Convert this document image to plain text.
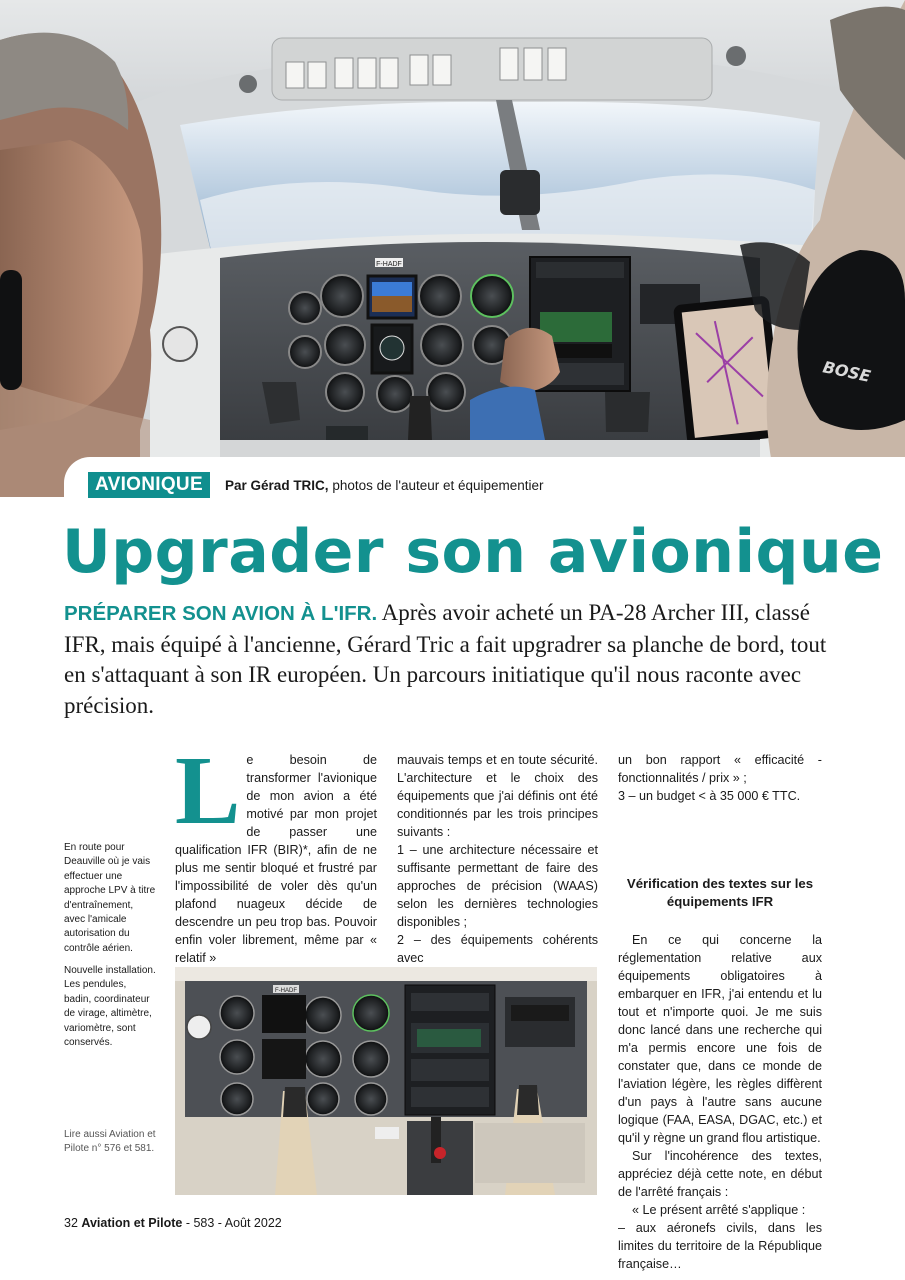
F-HADF
BOSE
AVIONIQUE	Par Gérad TRIC, photos de l'auteur et équipementier
Upgrader son avionique
PRÉPARER SON AVION À L'IFR. Après avoir acheté un PA-28 Archer III, classé IFR, mais équipé à l'ancienne, Gérard Tric a fait upgradrer sa planche de bord, tout en s'attaquant à son IR européen. Un parcours initiatique qu'il nous raconte avec précision.
En route pour Deauville où je vais effectuer une approche LPV à titre d'entraînement, avec l'amicale autorisation du contrôle aérien.
Nouvelle installation. Les pendules, badin, coordinateur de virage, altimètre, variomètre, sont conservés.
Lire aussi Aviation et Pilote n° 576 et 581.
L e besoin de transformer l'avionique de mon avion a été motivé par mon projet de passer une qualification IFR (BIR)*, afin de ne plus me sentir bloqué et frustré par l'impossibilité de voler dès qu'un plafond nuageux décide de descendre un peu trop bas. Pouvoir enfin voler librement, même par « relatif »

mauvais temps et en toute sécurité. L'architecture et le choix des équipements que j'ai définis ont été conditionnés par les trois principes suivants :

1 – une architecture nécessaire et suffisante permettant de faire des approches de précision (WAAS) selon les dernières technologies disponibles ;

2 – des équipements cohérents avec

F-HADF

un bon rapport « efficacité - fonctionnalités / prix » ;

3 – un budget < à 35 000 € TTC.

Vérification des textes sur les équipements IFR

En ce qui concerne la réglementation relative aux équipements obligatoires à embarquer en IFR, j'ai entendu et lu tout et n'importe quoi. Je me suis donc lancé dans une recherche qui m'a permis encore une fois de constater que, dans ce monde de l'aviation légère, les règles diffèrent d'un pays à l'autre sans aucune logique (FAA, EASA, DGAC, etc.) et qu'il y règne un grand flou artistique.

Sur l'incohérence des textes, appréciez déjà cette note, en début de l'arrêté français :

« Le présent arrêté s'applique :

– aux aéronefs civils, dans les limites du territoire de la République française…

32 Aviation et Pilote - 583 - Août 2022
